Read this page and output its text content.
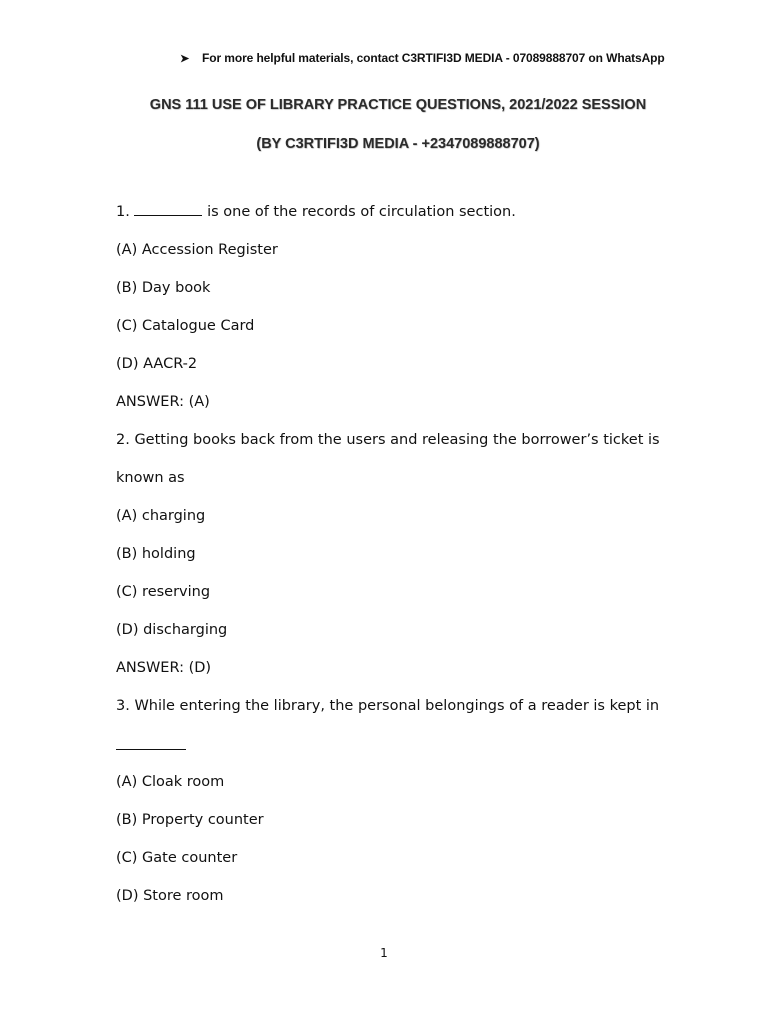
➤ For more helpful materials, contact C3RTIFI3D MEDIA - 07089888707 on WhatsApp
GNS 111 USE OF LIBRARY PRACTICE QUESTIONS, 2021/2022 SESSION
(BY C3RTIFI3D MEDIA - +2347089888707)
1.	is one of the records of circulation section.
(A) Accession Register
(B) Day book
(C) Catalogue Card
(D) AACR-2
ANSWER: (A)
2. Getting books back from the users and releasing the borrower’s ticket is
known as
(A) charging
(B) holding
(C) reserving
(D) discharging
ANSWER: (D)
3. While entering the library, the personal belongings of a reader is kept in
(A) Cloak room
(B) Property counter
(C) Gate counter
(D) Store room
1
